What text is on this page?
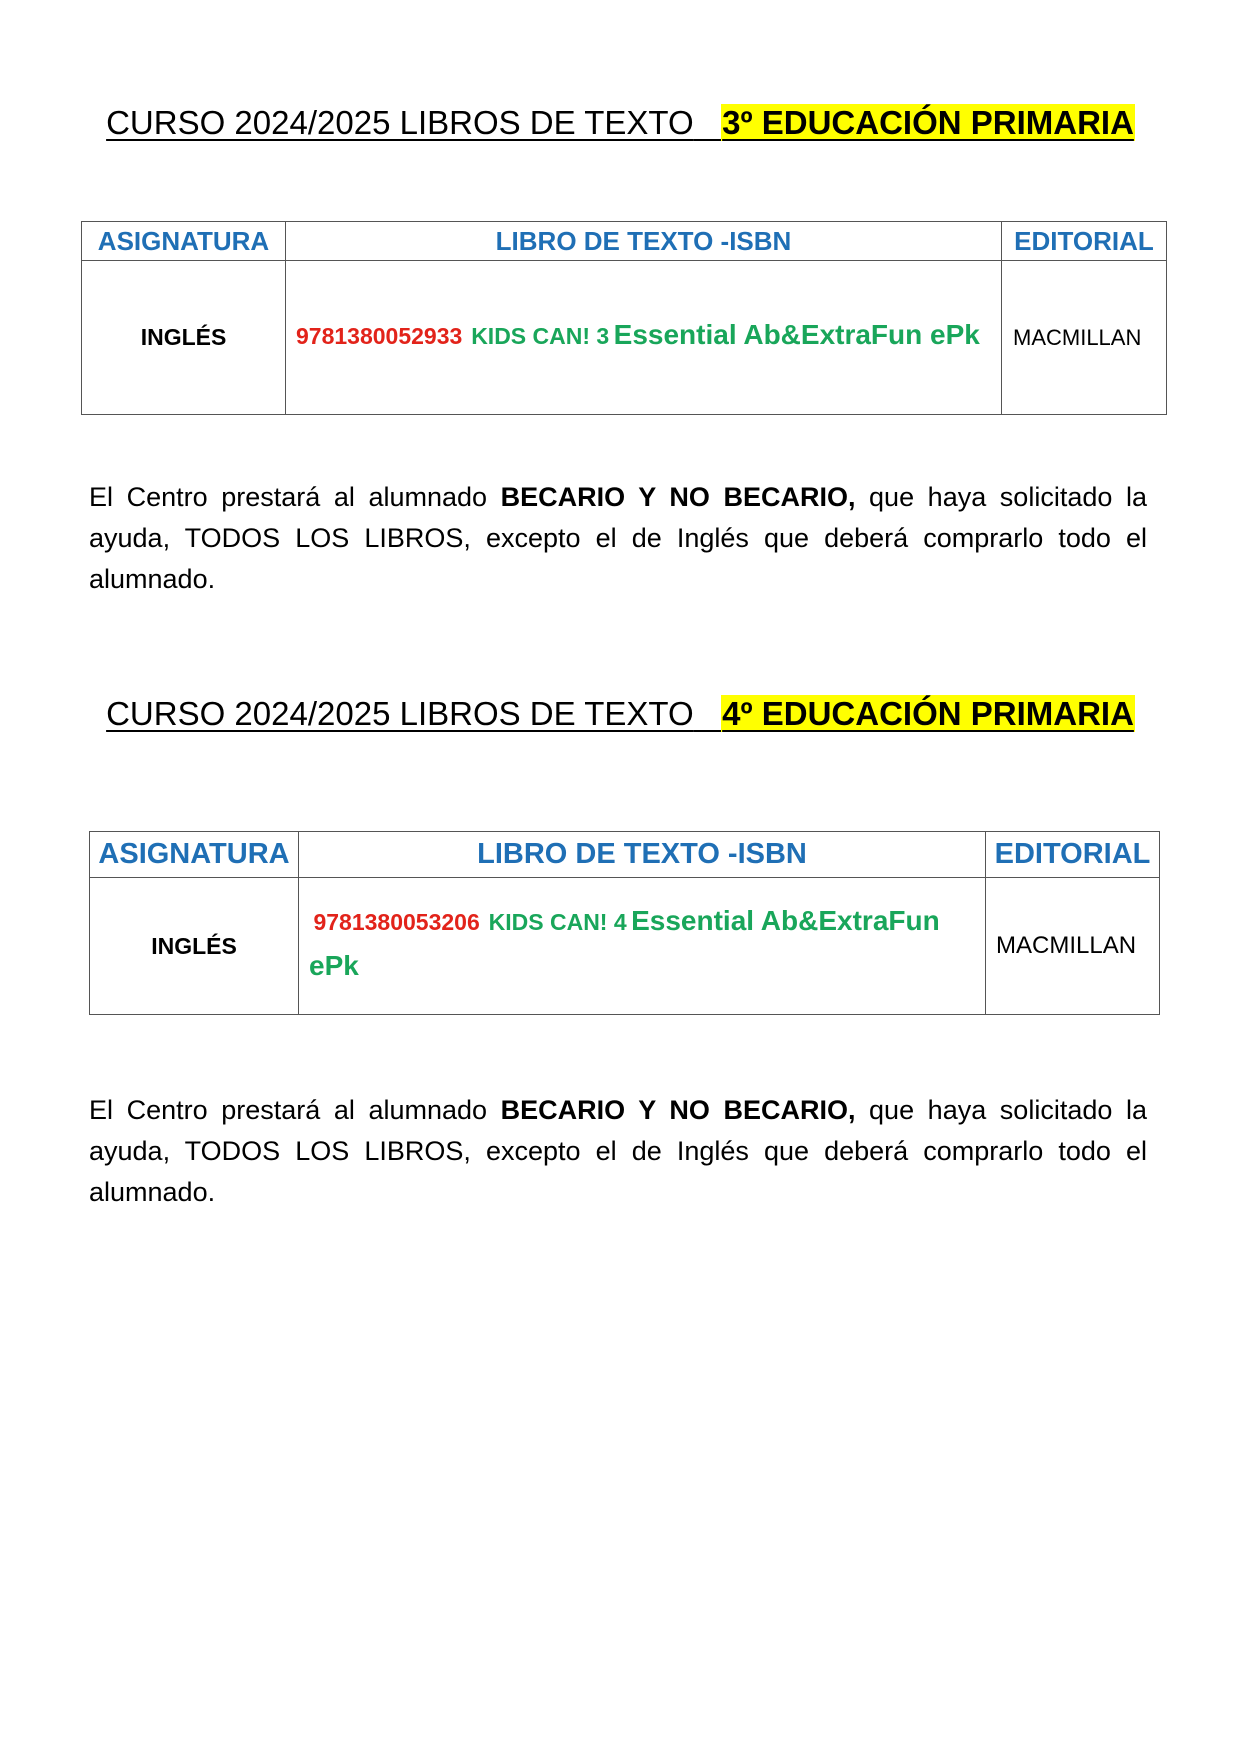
CURSO 2024/2025 LIBROS DE TEXTO 3º EDUCACIÓN PRIMARIA
ASIGNATURA	LIBRO DE TEXTO -ISBN	EDITORIAL
INGLÉS	9781380052933 KIDS CAN! 3 Essential Ab&ExtraFun ePk	MACMILLAN
El Centro prestará al alumnado BECARIO Y NO BECARIO, que haya solicitado la ayuda, TODOS LOS LIBROS, excepto el de Inglés que deberá comprarlo todo el alumnado.
CURSO 2024/2025 LIBROS DE TEXTO 4º EDUCACIÓN PRIMARIA
ASIGNATURA	LIBRO DE TEXTO -ISBN	EDITORIAL
INGLÉS	9781380053206 KIDS CAN! 4 Essential Ab&ExtraFun ePk	MACMILLAN
El Centro prestará al alumnado BECARIO Y NO BECARIO, que haya solicitado la ayuda, TODOS LOS LIBROS, excepto el de Inglés que deberá comprarlo todo el alumnado.
